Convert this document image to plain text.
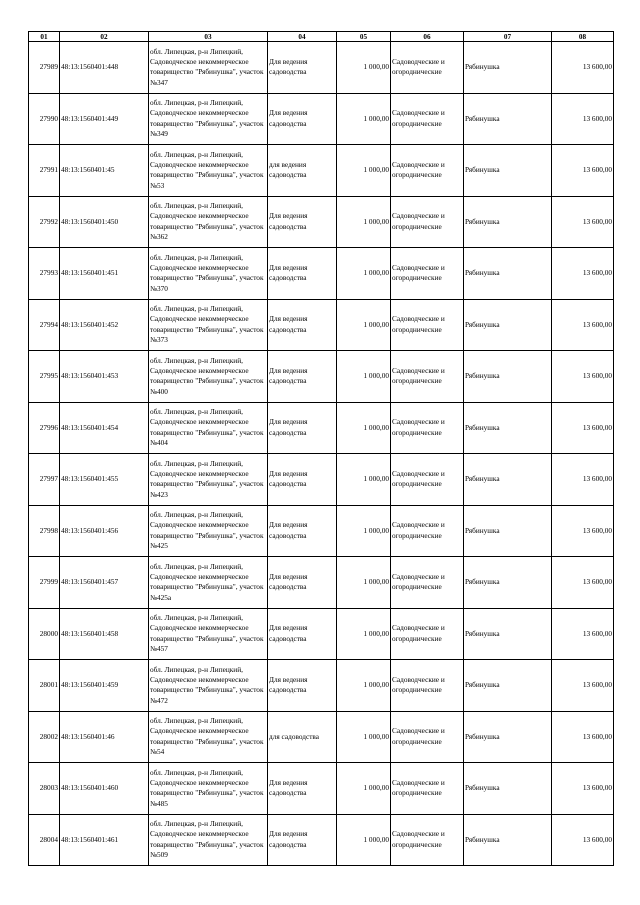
01	02	03	04	05	06	07	08
27989	48:13:1560401:448	обл. Липецкая, р-н Липецкий, Садоводческое некоммерческое товарищество "Рябинушка", участок №347	Для ведения садоводства	1 000,00	Садоводческие и огороднические	Рябинушка	13 600,00
27990	48:13:1560401:449	обл. Липецкая, р-н Липецкий, Садоводческое некоммерческое товарищество "Рябинушка", участок №349	Для ведения садоводства	1 000,00	Садоводческие и огороднические	Рябинушка	13 600,00
27991	48:13:1560401:45	обл. Липецкая, р-н Липецкий, Садоводческое некоммерческое товарищество "Рябинушка", участок №53	для ведения садоводства	1 000,00	Садоводческие и огороднические	Рябинушка	13 600,00
27992	48:13:1560401:450	обл. Липецкая, р-н Липецкий, Садоводческое некоммерческое товарищество "Рябинушка", участок №362	Для ведения садоводства	1 000,00	Садоводческие и огороднические	Рябинушка	13 600,00
27993	48:13:1560401:451	обл. Липецкая, р-н Липецкий, Садоводческое некоммерческое товарищество "Рябинушка", участок №370	Для ведения садоводства	1 000,00	Садоводческие и огороднические	Рябинушка	13 600,00
27994	48:13:1560401:452	обл. Липецкая, р-н Липецкий, Садоводческое некоммерческое товарищество "Рябинушка", участок №373	Для ведения садоводства	1 000,00	Садоводческие и огороднические	Рябинушка	13 600,00
27995	48:13:1560401:453	обл. Липецкая, р-н Липецкий, Садоводческое некоммерческое товарищество "Рябинушка", участок №400	Для ведения садоводства	1 000,00	Садоводческие и огороднические	Рябинушка	13 600,00
27996	48:13:1560401:454	обл. Липецкая, р-н Липецкий, Садоводческое некоммерческое товарищество "Рябинушка", участок №404	Для ведения садоводства	1 000,00	Садоводческие и огороднические	Рябинушка	13 600,00
27997	48:13:1560401:455	обл. Липецкая, р-н Липецкий, Садоводческое некоммерческое товарищество "Рябинушка", участок №423	Для ведения садоводства	1 000,00	Садоводческие и огороднические	Рябинушка	13 600,00
27998	48:13:1560401:456	обл. Липецкая, р-н Липецкий, Садоводческое некоммерческое товарищество "Рябинушка", участок №425	Для ведения садоводства	1 000,00	Садоводческие и огороднические	Рябинушка	13 600,00
27999	48:13:1560401:457	обл. Липецкая, р-н Липецкий, Садоводческое некоммерческое товарищество "Рябинушка", участок №425а	Для ведения садоводства	1 000,00	Садоводческие и огороднические	Рябинушка	13 600,00
28000	48:13:1560401:458	обл. Липецкая, р-н Липецкий, Садоводческое некоммерческое товарищество "Рябинушка", участок №457	Для ведения садоводства	1 000,00	Садоводческие и огороднические	Рябинушка	13 600,00
28001	48:13:1560401:459	обл. Липецкая, р-н Липецкий, Садоводческое некоммерческое товарищество "Рябинушка", участок №472	Для ведения садоводства	1 000,00	Садоводческие и огороднические	Рябинушка	13 600,00
28002	48:13:1560401:46	обл. Липецкая, р-н Липецкий, Садоводческое некоммерческое товарищество "Рябинушка", участок №54	для садоводства	1 000,00	Садоводческие и огороднические	Рябинушка	13 600,00
28003	48:13:1560401:460	обл. Липецкая, р-н Липецкий, Садоводческое некоммерческое товарищество "Рябинушка", участок №485	Для ведения садоводства	1 000,00	Садоводческие и огороднические	Рябинушка	13 600,00
28004	48:13:1560401:461	обл. Липецкая, р-н Липецкий, Садоводческое некоммерческое товарищество "Рябинушка", участок №509	Для ведения садоводства	1 000,00	Садоводческие и огороднические	Рябинушка	13 600,00
